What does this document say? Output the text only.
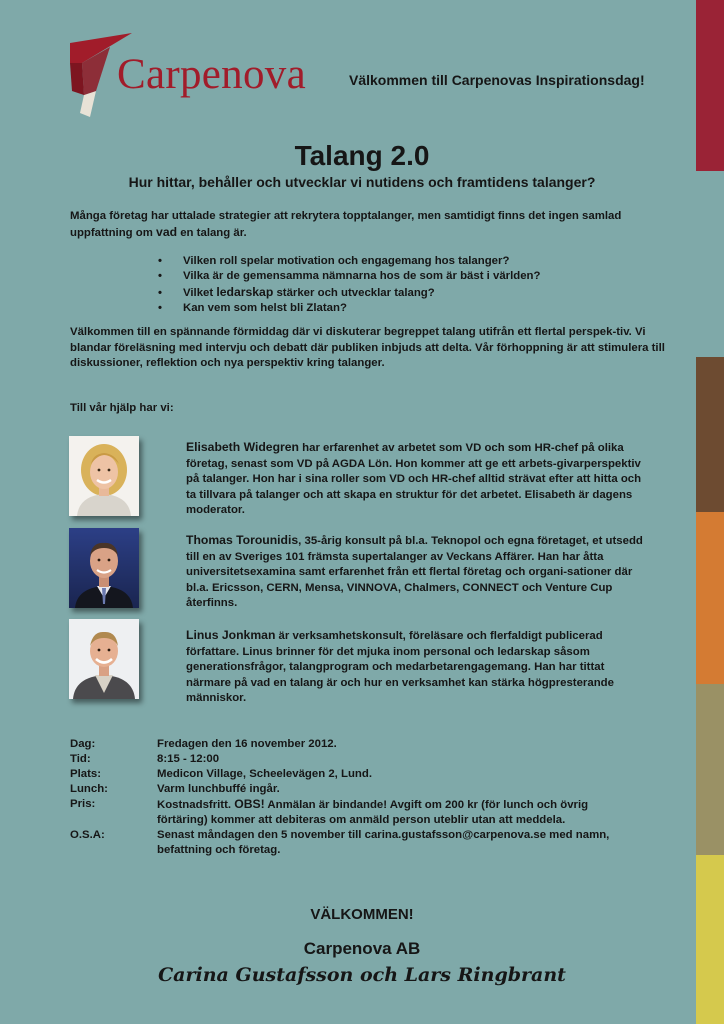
Carpenova	Välkommen till Carpenovas Inspirationsdag!
Talang 2.0
Hur hittar, behåller och utvecklar vi nutidens och framtidens talanger?
Många företag har uttalade strategier att rekrytera topptalanger, men samtidigt finns det ingen samlad uppfattning om vad en talang är.
• Vilken roll spelar motivation och engagemang hos talanger?
• Vilka är de gemensamma nämnarna hos de som är bäst i världen?
• Vilket ledarskap stärker och utvecklar talang?
• Kan vem som helst bli Zlatan?
Välkommen till en spännande förmiddag där vi diskuterar begreppet talang utifrån ett flertal perspek-tiv. Vi blandar föreläsning med intervju och debatt där publiken inbjuds att delta. Vår förhoppning är att stimulera till diskussioner, reflektion och nya perspektiv kring talanger.
Till vår hjälp har vi:
Elisabeth Widegren har erfarenhet av arbetet som VD och som HR-chef på olika företag, senast som VD på AGDA Lön. Hon kommer att ge ett arbets-givarperspektiv på talanger. Hon har i sina roller som VD och HR-chef alltid strävat efter att hitta och ta tillvara på talanger och att skapa en struktur för det arbetet. Elisabeth är dagens moderator.
Thomas Torounidis, 35-årig konsult på bl.a. Teknopol och egna företaget, et utsedd till en av Sveriges 101 främsta supertalanger av Veckans Affärer. Han har åtta universitetsexamina samt erfarenhet från ett flertal företag och organi-sationer där bl.a. Ericsson, CERN, Mensa, VINNOVA, Chalmers, CONNECT och Venture Cup återfinns.
Linus Jonkman är verksamhetskonsult, föreläsare och flerfaldigt publicerad författare. Linus brinner för det mjuka inom personal och ledarskap såsom generationsfrågor, talangprogram och medarbetarengagemang. Han har tittat närmare på vad en talang är och hur en verksamhet kan stärka högpresterande människor.
Dag:	Fredagen den 16 november 2012.
Tid:	8:15 - 12:00
Plats:	Medicon Village, Scheelevägen 2, Lund.
Lunch:	Varm lunchbuffé ingår.
Pris:	Kostnadsfritt. OBS! Anmälan är bindande! Avgift om 200 kr (för lunch och övrig förtäring) kommer att debiteras om anmäld person uteblir utan att meddela.
O.S.A:	Senast måndagen den 5 november till carina.gustafsson@carpenova.se med namn, befattning och företag.
VÄLKOMMEN!
Carpenova AB
Carina Gustafsson och Lars Ringbrant
